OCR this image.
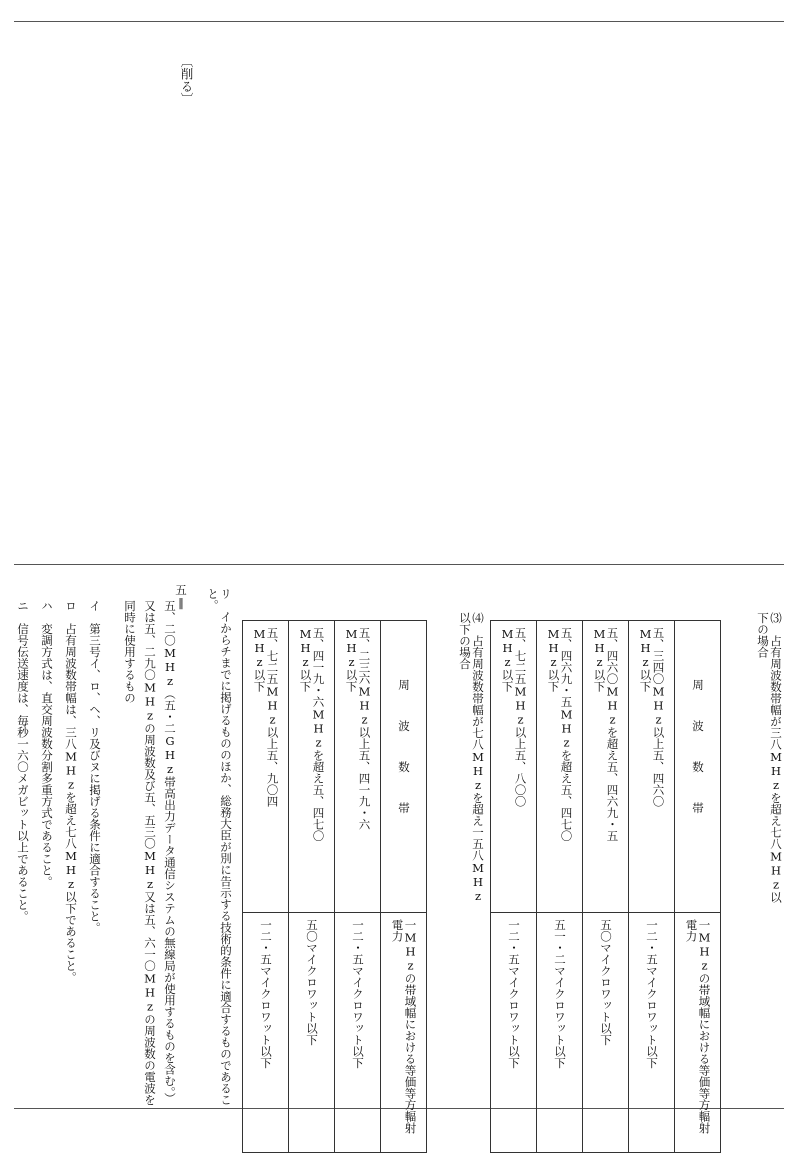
〔削る〕
⑶　占有周波数帯幅が三八MHzを超え七八MHz以下の場合
五、七二五MHz以上五、八〇〇MHz以下	五、四六九・五MHzを超え五、四七〇MHz以下	五、四六〇MHzを超え五、四六九・五MHz以下	五、三四〇MHz以上五、四六〇MHz以下	周　波　数　帯
一二・五マイクロワット以下	五一・二マイクロワット以下	五〇マイクロワット以下	一二・五マイクロワット以下	一MHzの帯域幅における等価等方輻射電力
⑷　占有周波数帯幅が七八MHzを超え一五八MHz以下の場合
五、七二五MHz以上五、九〇四MHz以下	五、四一九・六MHzを超え五、四七〇MHz以下	五、二三六MHz以上五、四一九・六MHz以下	周　波　数　帯
一二・五マイクロワット以下	五〇マイクロワット以下	一二・五マイクロワット以下	一MHzの帯域幅における等価等方輻射電力
リ　イからチまでに掲げるもののほか、総務大臣が別に告示する技術的条件に適合するものであること。
五‖
五、二〇MHz（五・二GHz帯高出力データ通信システムの無線局が使用するものを含む。）又は五、二九〇MHzの周波数及び五、五三〇MHz又は五、六一〇MHzの周波数の電波を同時に使用するもの
イ　第三号イ、ロ、ヘ、リ及びヌに掲げる条件に適合すること。
ロ　占有周波数帯幅は、三八MHzを超え七八MHz以下であること。
ハ　変調方式は、直交周波数分割多重方式であること。
ニ　信号伝送速度は、毎秒一六〇メガビット以上であること。
